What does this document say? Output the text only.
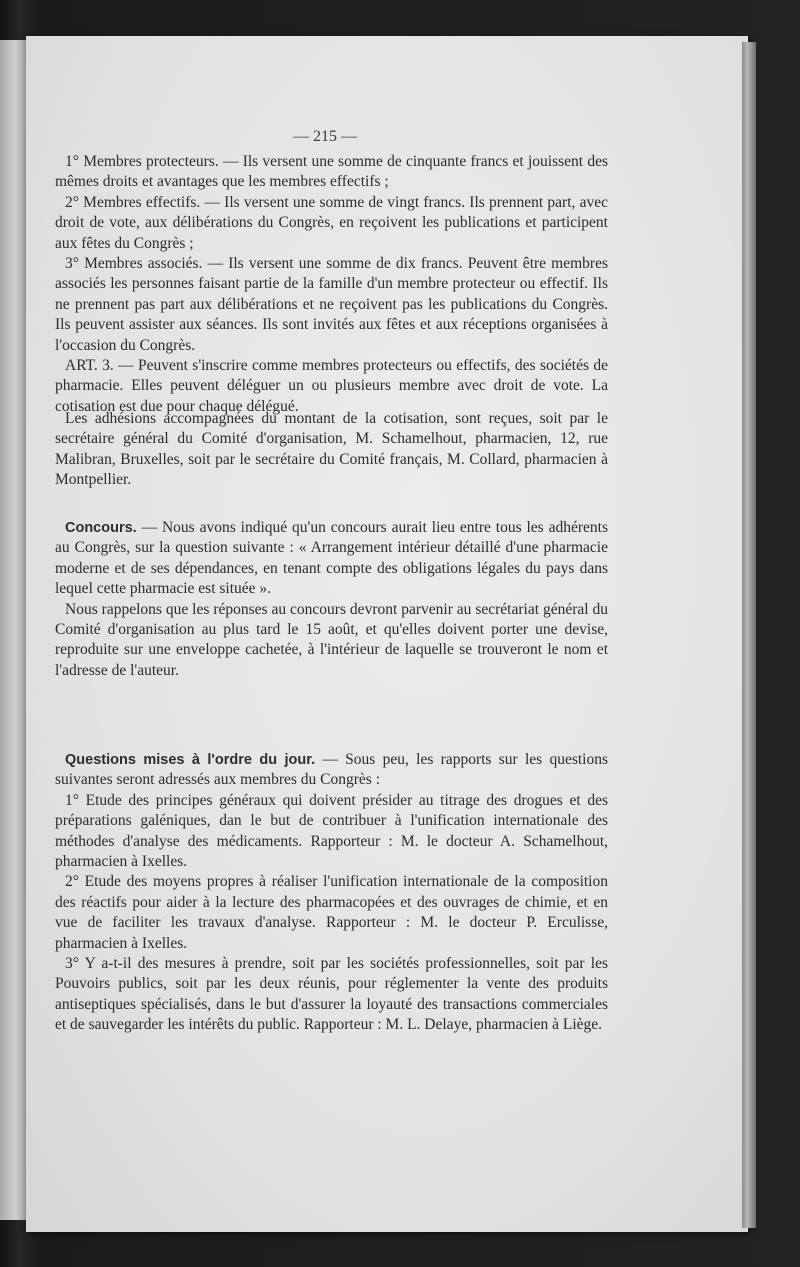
— 215 —

1° Membres protecteurs. — Ils versent une somme de cinquante francs et jouissent des mêmes droits et avantages que les membres effectifs ;

2° Membres effectifs. — Ils versent une somme de vingt francs. Ils prennent part, avec droit de vote, aux délibérations du Congrès, en reçoivent les publications et participent aux fêtes du Congrès ;

3° Membres associés. — Ils versent une somme de dix francs. Peuvent être membres associés les personnes faisant partie de la famille d'un membre protecteur ou effectif. Ils ne prennent pas part aux délibérations et ne reçoivent pas les publications du Congrès. Ils peuvent assister aux séances. Ils sont invités aux fêtes et aux réceptions organisées à l'occasion du Congrès.

ART. 3. — Peuvent s'inscrire comme membres protecteurs ou effectifs, des sociétés de pharmacie. Elles peuvent déléguer un ou plusieurs membre avec droit de vote. La cotisation est due pour chaque délégué.

Les adhésions accompagnées du montant de la cotisation, sont reçues, soit par le secrétaire général du Comité d'organisation, M. Schamelhout, pharmacien, 12, rue Malibran, Bruxelles, soit par le secrétaire du Comité français, M. Collard, pharmacien à Montpellier.

Concours. — Nous avons indiqué qu'un concours aurait lieu entre tous les adhérents au Congrès, sur la question suivante : « Arrangement intérieur détaillé d'une pharmacie moderne et de ses dépendances, en tenant compte des obligations légales du pays dans lequel cette pharmacie est située ».

Nous rappelons que les réponses au concours devront parvenir au secrétariat général du Comité d'organisation au plus tard le 15 août, et qu'elles doivent porter une devise, reproduite sur une enveloppe cachetée, à l'intérieur de laquelle se trouveront le nom et l'adresse de l'auteur.

Questions mises à l'ordre du jour. — Sous peu, les rapports sur les questions suivantes seront adressés aux membres du Congrès :

1° Etude des principes généraux qui doivent présider au titrage des drogues et des préparations galéniques, dan le but de contribuer à l'unification internationale des méthodes d'analyse des médicaments. Rapporteur : M. le docteur A. Schamelhout, pharmacien à Ixelles.

2° Etude des moyens propres à réaliser l'unification internationale de la composition des réactifs pour aider à la lecture des pharmacopées et des ouvrages de chimie, et en vue de faciliter les travaux d'analyse. Rapporteur : M. le docteur P. Erculisse, pharmacien à Ixelles.

3° Y a-t-il des mesures à prendre, soit par les sociétés professionnelles, soit par les Pouvoirs publics, soit par les deux réunis, pour réglementer la vente des produits antiseptiques spécialisés, dans le but d'assurer la loyauté des transactions commerciales et de sauvegarder les intérêts du public. Rapporteur : M. L. Delaye, pharmacien à Liège.
